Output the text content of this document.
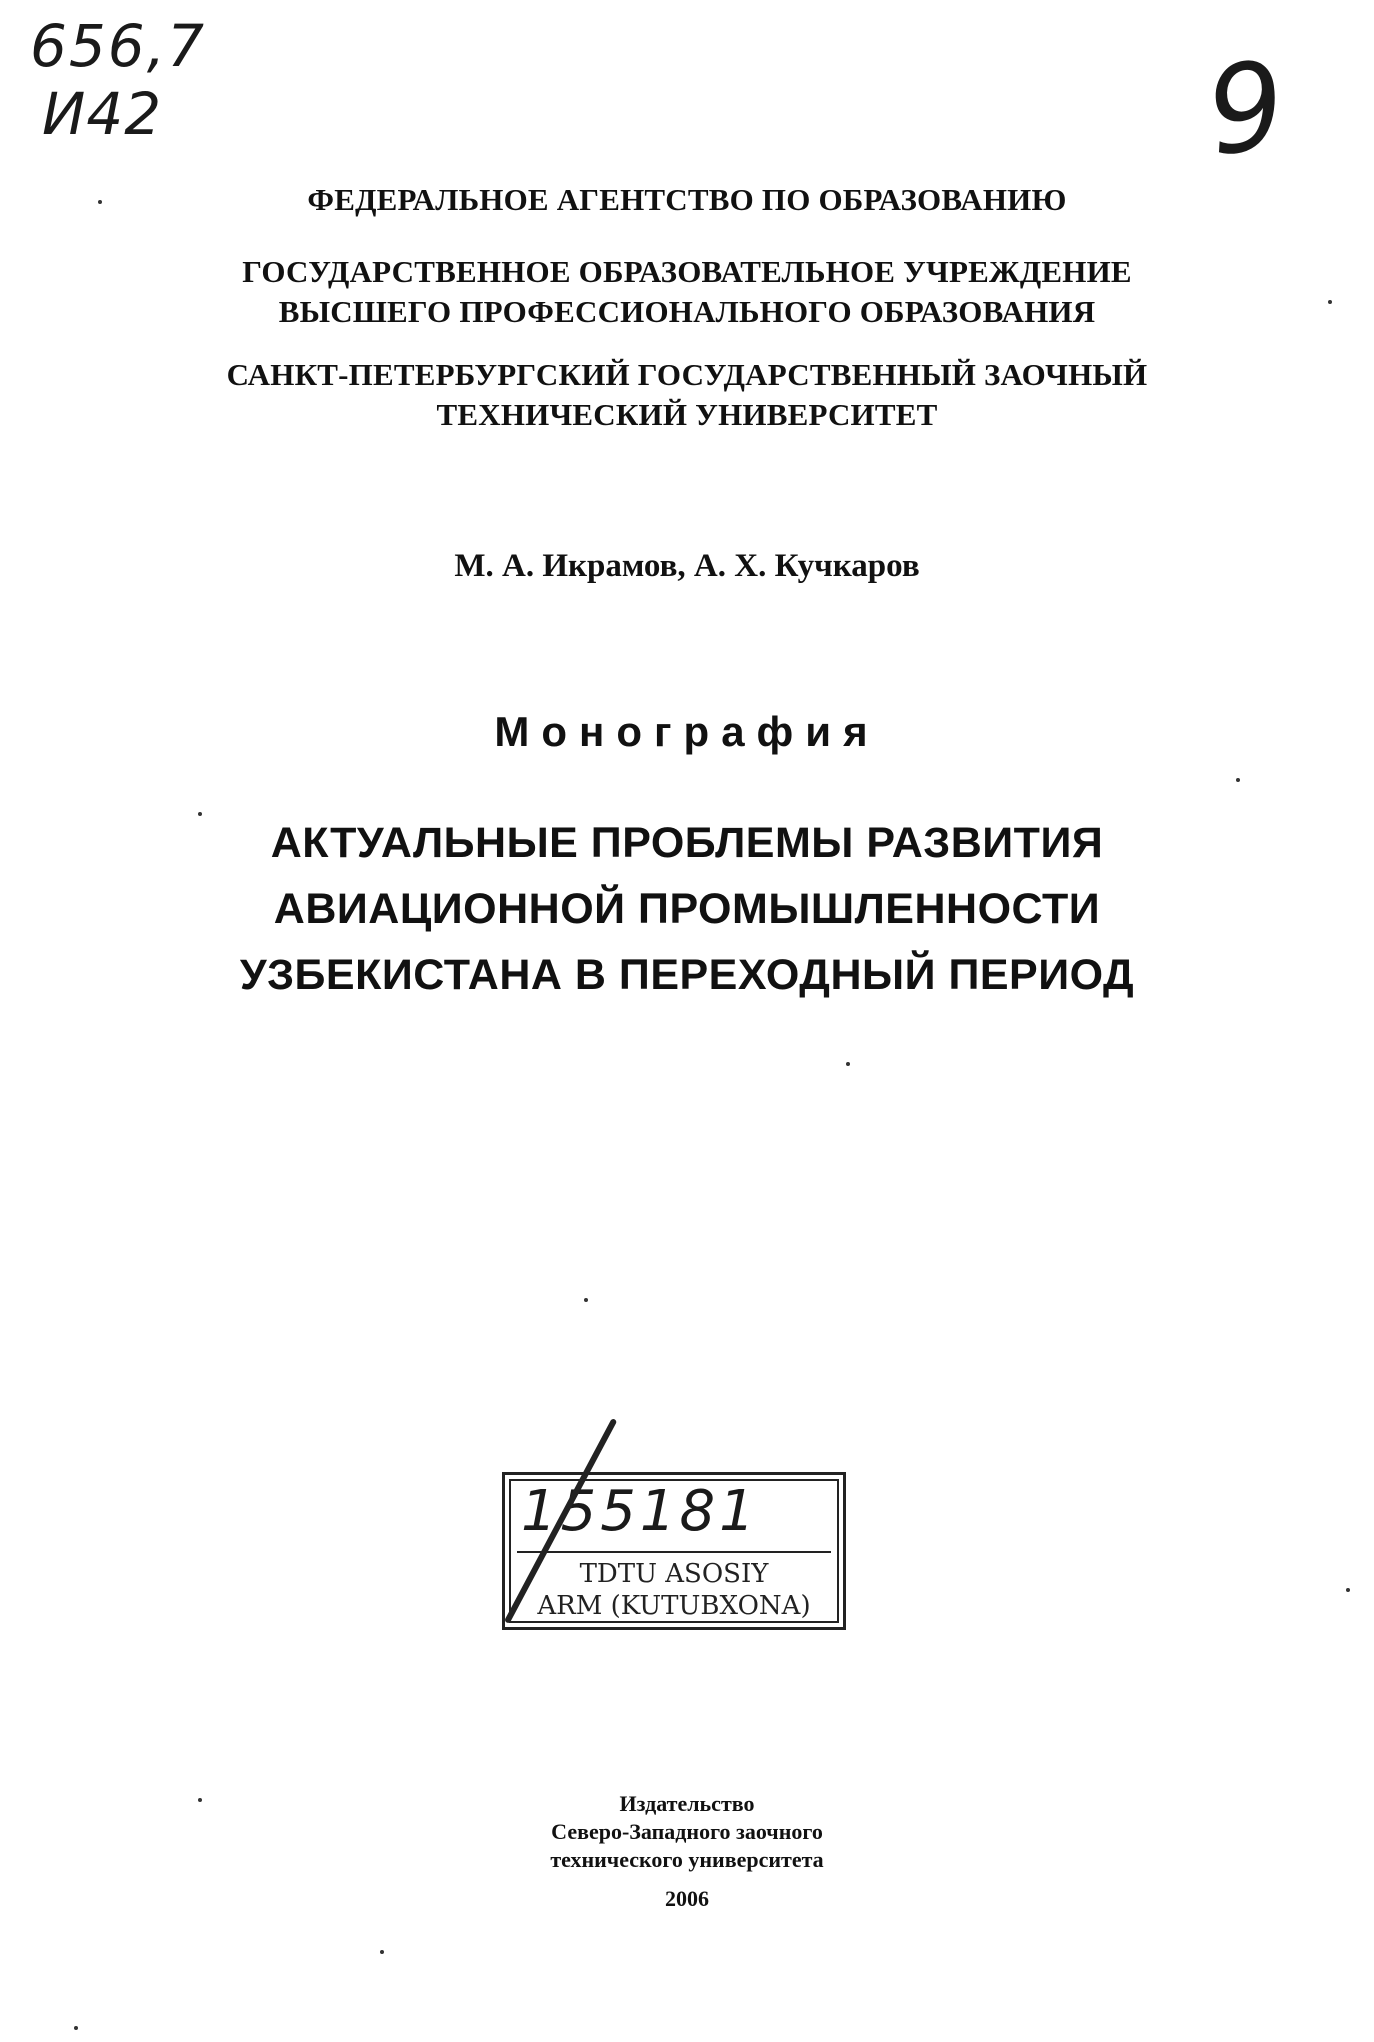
656,7
И42	9
ФЕДЕРАЛЬНОЕ АГЕНТСТВО ПО ОБРАЗОВАНИЮ
ГОСУДАРСТВЕННОЕ ОБРАЗОВАТЕЛЬНОЕ УЧРЕЖДЕНИЕ
ВЫСШЕГО ПРОФЕССИОНАЛЬНОГО ОБРАЗОВАНИЯ
САНКТ-ПЕТЕРБУРГСКИЙ ГОСУДАРСТВЕННЫЙ ЗАОЧНЫЙ
ТЕХНИЧЕСКИЙ УНИВЕРСИТЕТ
М. А. Икрамов, А. Х. Кучкаров
Монография
АКТУАЛЬНЫЕ ПРОБЛЕМЫ РАЗВИТИЯ
АВИАЦИОННОЙ ПРОМЫШЛЕННОСТИ
УЗБЕКИСТАНА В ПЕРЕХОДНЫЙ ПЕРИОД
155181
TDTU ASOSIY
ARM (KUTUBXONA)
Издательство
Северо-Западного заочного
технического университета
2006
